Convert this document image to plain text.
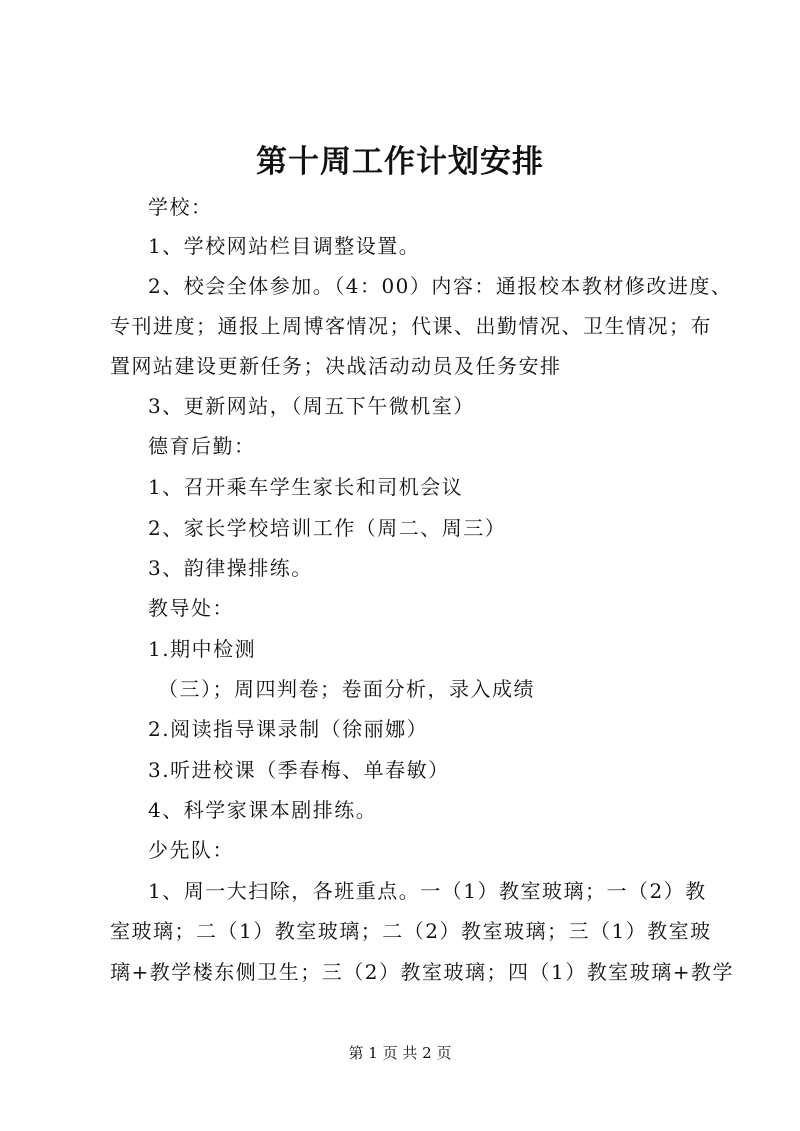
第十周工作计划安排
学校：
1、学校网站栏目调整设置。
2、校会全体参加。（4：00）内容：通报校本教材修改进度、
专刊进度；通报上周博客情况；代课、出勤情况、卫生情况；布
置网站建设更新任务；决战活动动员及任务安排
3、更新网站，（周五下午微机室）
德育后勤：
1、召开乘车学生家长和司机会议
2、家长学校培训工作（周二、周三）
3、韵律操排练。
教导处：
1.期中检测
（三）；周四判卷；卷面分析，录入成绩
2.阅读指导课录制（徐丽娜）
3.听进校课（季春梅、单春敏）
4、科学家课本剧排练。
少先队：
1、周一大扫除，各班重点。一（1）教室玻璃；一（2）教
室玻璃；二（1）教室玻璃；二（2）教室玻璃；三（1）教室玻
璃+教学楼东侧卫生；三（2）教室玻璃；四（1）教室玻璃+教学
第 1 页 共 2 页
